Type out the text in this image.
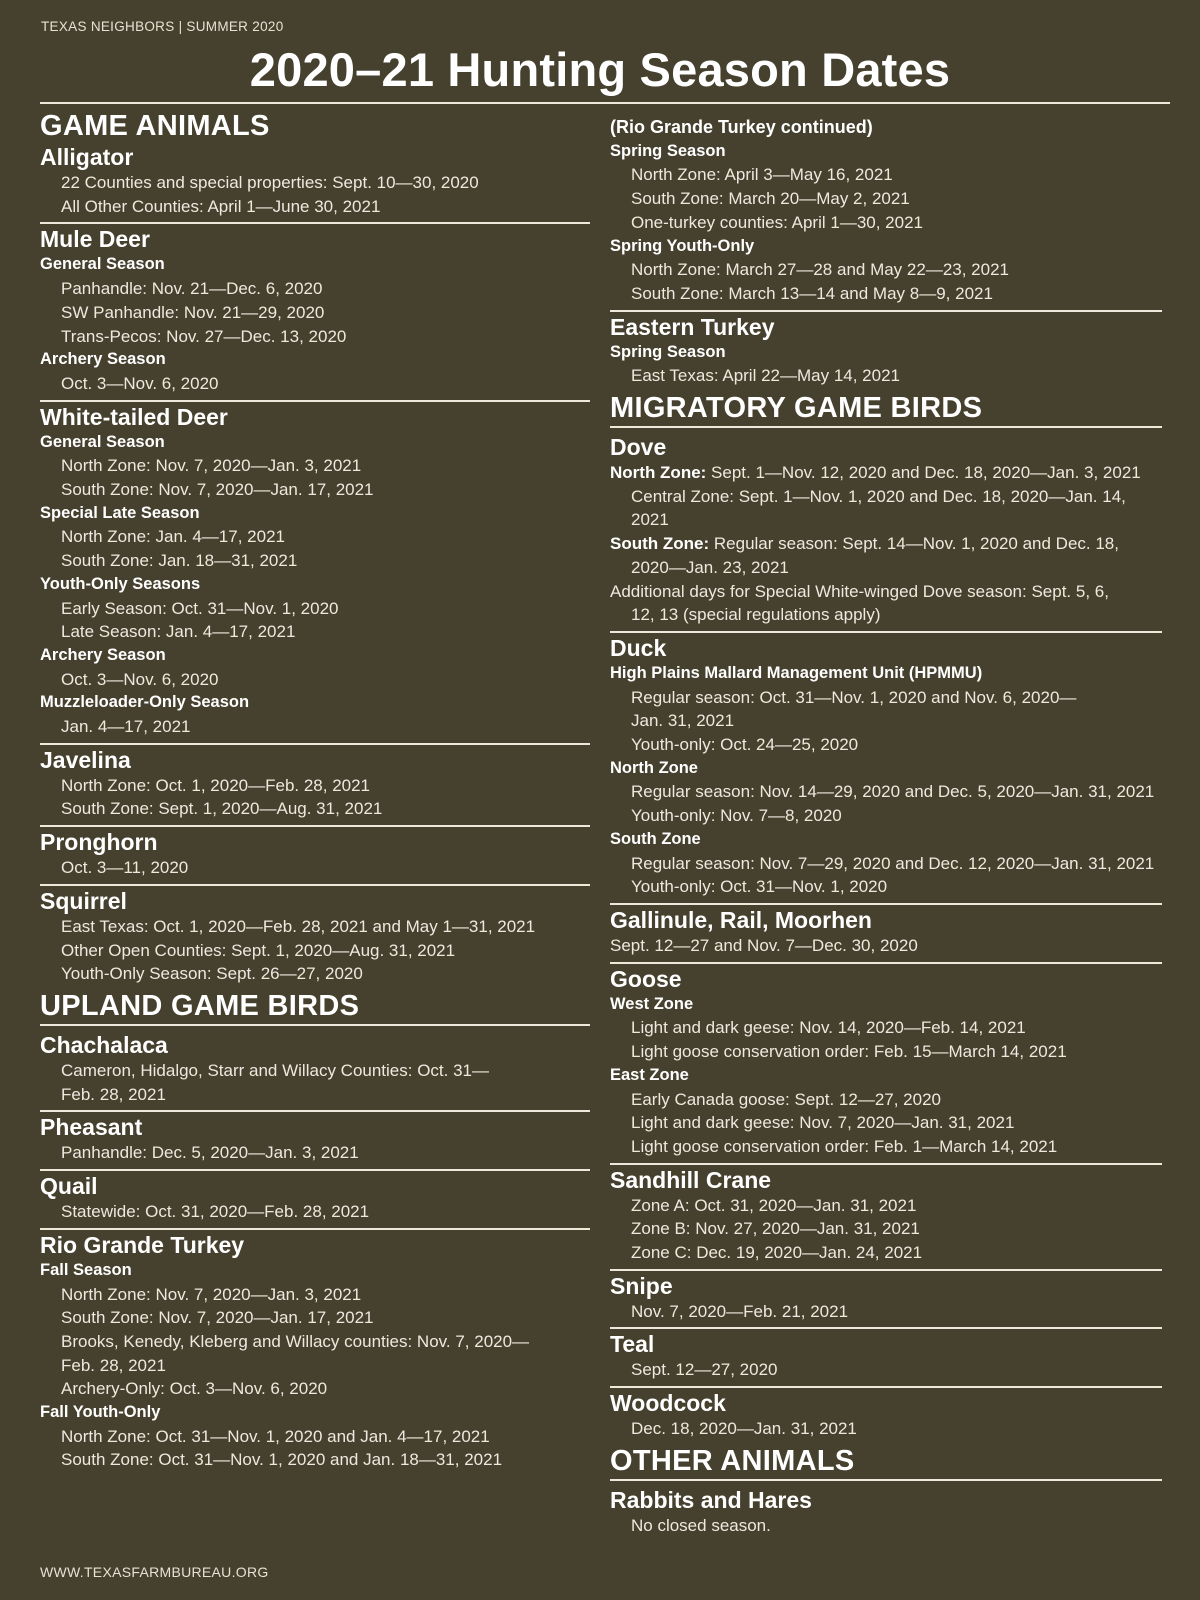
TEXAS NEIGHBORS | SUMMER 2020
2020–21 Hunting Season Dates
GAME ANIMALS
Alligator
22 Counties and special properties: Sept. 10—30, 2020
All Other Counties: April 1—June 30, 2021
Mule Deer
General Season
Panhandle: Nov. 21—Dec. 6, 2020
SW Panhandle: Nov. 21—29, 2020
Trans-Pecos: Nov. 27—Dec. 13, 2020
Archery Season
Oct. 3—Nov. 6, 2020
White-tailed Deer
General Season
North Zone: Nov. 7, 2020—Jan. 3, 2021
South Zone: Nov. 7, 2020—Jan. 17, 2021
Special Late Season
North Zone: Jan. 4—17, 2021
South Zone: Jan. 18—31, 2021
Youth-Only Seasons
Early Season: Oct. 31—Nov. 1, 2020
Late Season: Jan. 4—17, 2021
Archery Season
Oct. 3—Nov. 6, 2020
Muzzleloader-Only Season
Jan. 4—17, 2021
Javelina
North Zone: Oct. 1, 2020—Feb. 28, 2021
South Zone: Sept. 1, 2020—Aug. 31, 2021
Pronghorn
Oct. 3—11, 2020
Squirrel
East Texas: Oct. 1, 2020—Feb. 28, 2021 and May 1—31, 2021
Other Open Counties: Sept. 1, 2020—Aug. 31, 2021
Youth-Only Season: Sept. 26—27, 2020
UPLAND GAME BIRDS
Chachalaca
Cameron, Hidalgo, Starr and Willacy Counties: Oct. 31—
Feb. 28, 2021
Pheasant
Panhandle: Dec. 5, 2020—Jan. 3, 2021
Quail
Statewide: Oct. 31, 2020—Feb. 28, 2021
Rio Grande Turkey
Fall Season
North Zone: Nov. 7, 2020—Jan. 3, 2021
South Zone: Nov. 7, 2020—Jan. 17, 2021
Brooks, Kenedy, Kleberg and Willacy counties: Nov. 7, 2020—
Feb. 28, 2021
Archery-Only: Oct. 3—Nov. 6, 2020
Fall Youth-Only
North Zone: Oct. 31—Nov. 1, 2020 and Jan. 4—17, 2021
South Zone: Oct. 31—Nov. 1, 2020 and Jan. 18—31, 2021
(Rio Grande Turkey continued)
Spring Season
North Zone: April 3—May 16, 2021
South Zone: March 20—May 2, 2021
One-turkey counties: April 1—30, 2021
Spring Youth-Only
North Zone: March 27—28 and May 22—23, 2021
South Zone: March 13—14 and May 8—9, 2021
Eastern Turkey
Spring Season
East Texas: April 22—May 14, 2021
MIGRATORY GAME BIRDS
Dove
North Zone: Sept. 1—Nov. 12, 2020 and Dec. 18, 2020—Jan. 3, 2021
Central Zone: Sept. 1—Nov. 1, 2020 and Dec. 18, 2020—Jan. 14, 2021
South Zone: Regular season: Sept. 14—Nov. 1, 2020 and Dec. 18,
2020—Jan. 23, 2021
Additional days for Special White-winged Dove season: Sept. 5, 6,
12, 13 (special regulations apply)
Duck
High Plains Mallard Management Unit (HPMMU)
Regular season: Oct. 31—Nov. 1, 2020 and Nov. 6, 2020—
Jan. 31, 2021
Youth-only: Oct. 24—25, 2020
North Zone
Regular season: Nov. 14—29, 2020 and Dec. 5, 2020—Jan. 31, 2021
Youth-only: Nov. 7—8, 2020
South Zone
Regular season: Nov. 7—29, 2020 and Dec. 12, 2020—Jan. 31, 2021
Youth-only: Oct. 31—Nov. 1, 2020
Gallinule, Rail, Moorhen
Sept. 12—27 and Nov. 7—Dec. 30, 2020
Goose
West Zone
Light and dark geese: Nov. 14, 2020—Feb. 14, 2021
Light goose conservation order: Feb. 15—March 14, 2021
East Zone
Early Canada goose: Sept. 12—27, 2020
Light and dark geese: Nov. 7, 2020—Jan. 31, 2021
Light goose conservation order: Feb. 1—March 14, 2021
Sandhill Crane
Zone A: Oct. 31, 2020—Jan. 31, 2021
Zone B: Nov. 27, 2020—Jan. 31, 2021
Zone C: Dec. 19, 2020—Jan. 24, 2021
Snipe
Nov. 7, 2020—Feb. 21, 2021
Teal
Sept. 12—27, 2020
Woodcock
Dec. 18, 2020—Jan. 31, 2021
OTHER ANIMALS
Rabbits and Hares
No closed season.
WWW.TEXASFARMBUREAU.ORG
